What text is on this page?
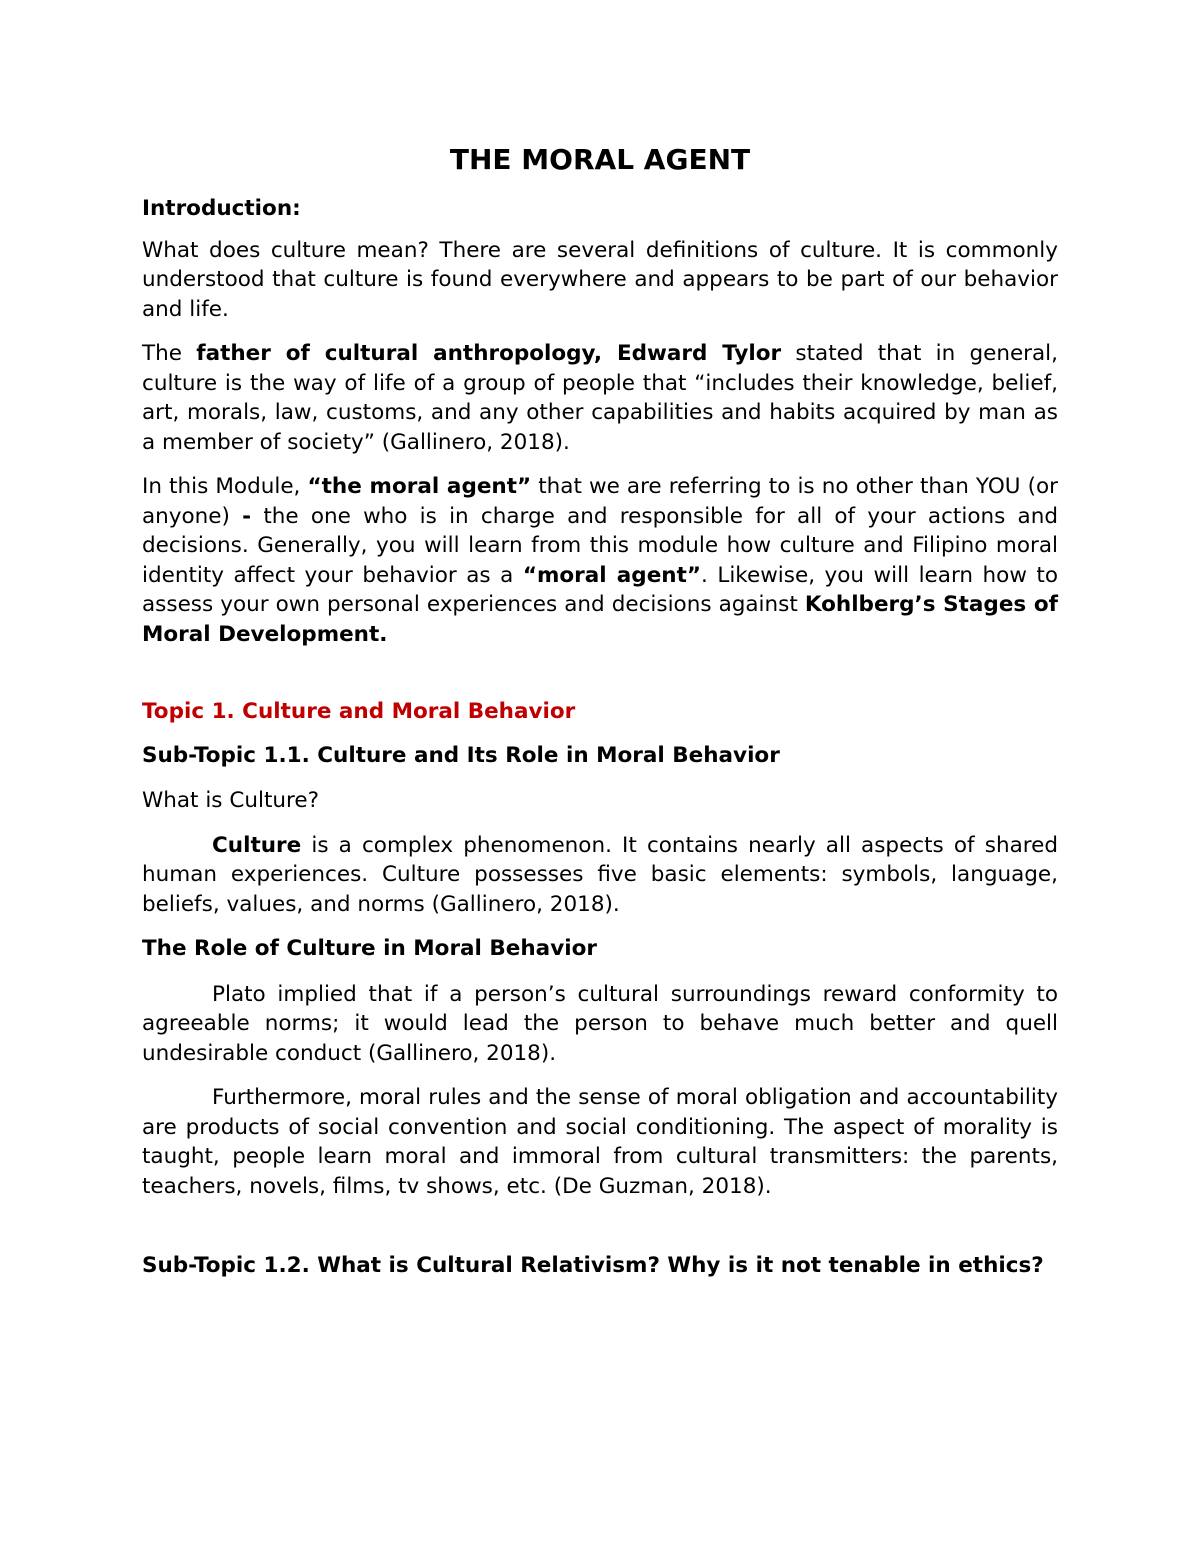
THE MORAL AGENT
Introduction:

What does culture mean? There are several definitions of culture. It is commonly understood that culture is found everywhere and appears to be part of our behavior and life.

The father of cultural anthropology, Edward Tylor stated that in general, culture is the way of life of a group of people that “includes their knowledge, belief, art, morals, law, customs, and any other capabilities and habits acquired by man as a member of society” (Gallinero, 2018).

In this Module, “the moral agent” that we are referring to is no other than YOU (or anyone) - the one who is in charge and responsible for all of your actions and decisions. Generally, you will learn from this module how culture and Filipino moral identity affect your behavior as a “moral agent”. Likewise, you will learn how to assess your own personal experiences and decisions against Kohlberg’s Stages of Moral Development.

Topic 1. Culture and Moral Behavior
Sub-Topic 1.1. Culture and Its Role in Moral Behavior

What is Culture?

Culture is a complex phenomenon. It contains nearly all aspects of shared human experiences. Culture possesses five basic elements: symbols, language, beliefs, values, and norms (Gallinero, 2018).

The Role of Culture in Moral Behavior

Plato implied that if a person’s cultural surroundings reward conformity to agreeable norms; it would lead the person to behave much better and quell undesirable conduct (Gallinero, 2018).

Furthermore, moral rules and the sense of moral obligation and accountability are products of social convention and social conditioning. The aspect of morality is taught, people learn moral and immoral from cultural transmitters: the parents, teachers, novels, films, tv shows, etc. (De Guzman, 2018).

Sub-Topic 1.2. What is Cultural Relativism? Why is it not tenable in ethics?
